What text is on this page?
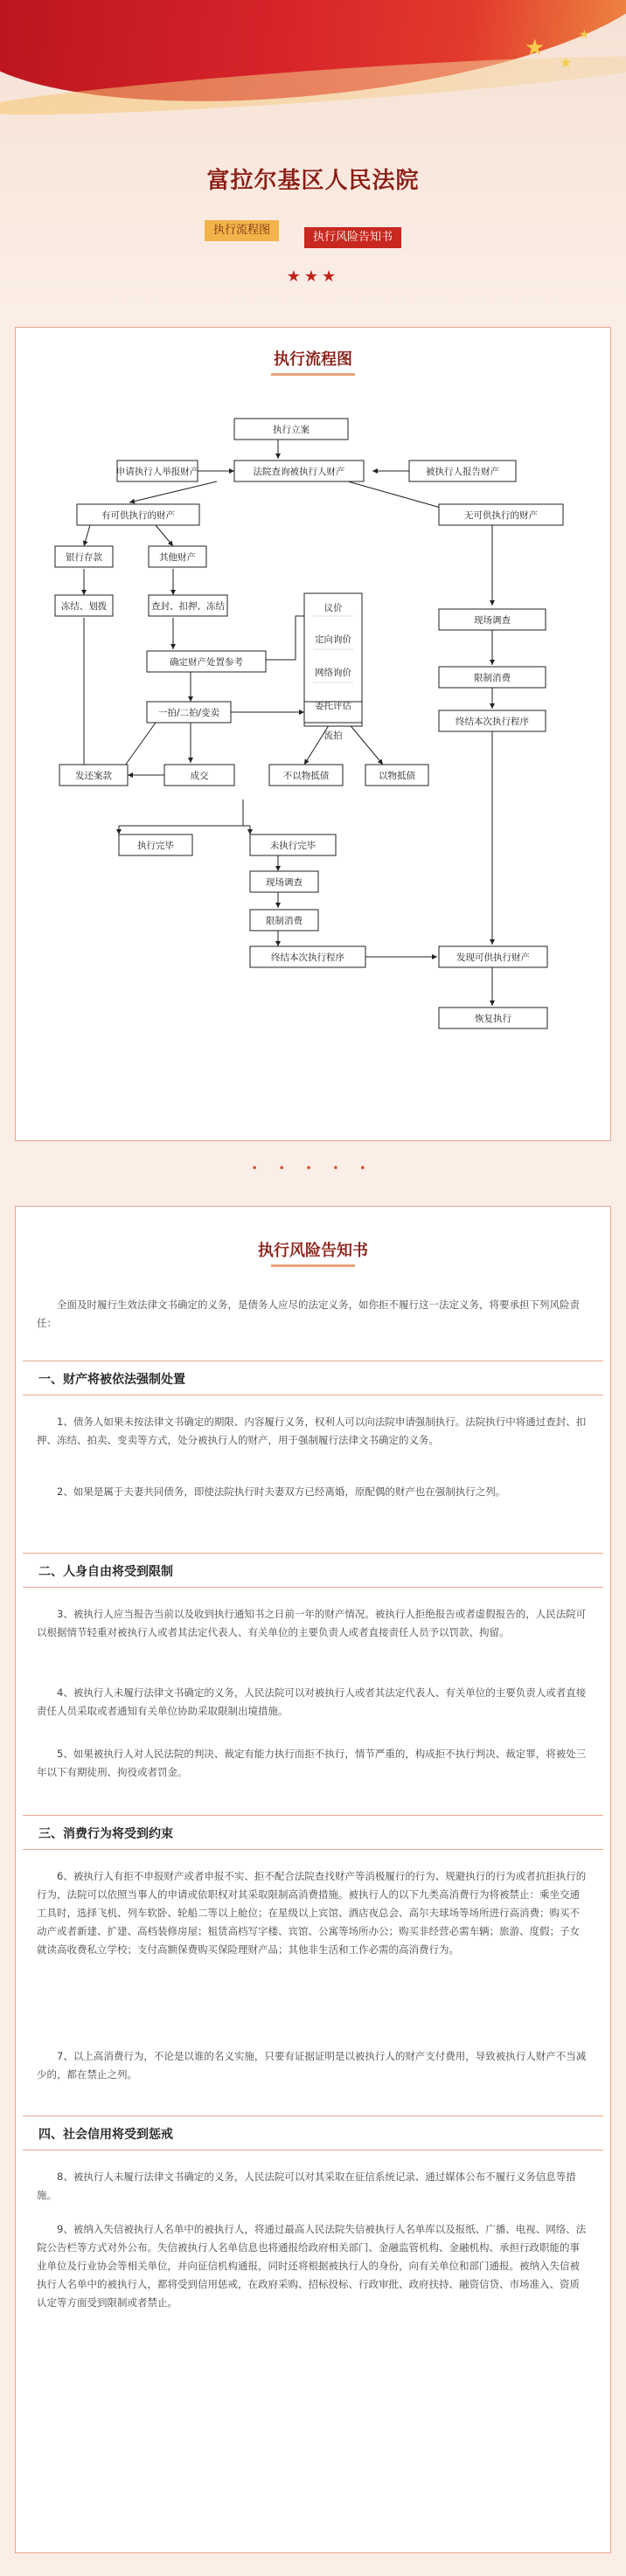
★
★
★
富拉尔基区人民法院
执行流程图
执行风险告知书
★★★
执行流程图
执行立案
申请执行人举报财产	法院查询被执行人财产	被执行人报告财产
有可供执行的财产	无可供执行的财产
银行存款	其他财产
冻结、划拨	查封、扣押、冻结	议价
定向询价
网络询价
委托评估
确定财产处置参考
一拍/二拍/变卖
流拍
发还案款	成交	不以物抵债	以物抵债
现场调查
限制消费
终结本次执行程序
执行完毕	未执行完毕
现场调查
限制消费
终结本次执行程序	发现可供执行财产
恢复执行
• • • • •
执行风险告知书
全面及时履行生效法律文书确定的义务，是债务人应尽的法定义务，如你拒不履行这一法定义务，将要承担下列风险责任：
一、财产将被依法强制处置
1、债务人如果未按法律文书确定的期限、内容履行义务，权利人可以向法院申请强制执行。法院执行中将通过查封、扣押、冻结、拍卖、变卖等方式，处分被执行人的财产，用于强制履行法律文书确定的义务。
2、如果是属于夫妻共同债务，即使法院执行时夫妻双方已经离婚，原配偶的财产也在强制执行之列。
二、人身自由将受到限制
3、被执行人应当报告当前以及收到执行通知书之日前一年的财产情况。被执行人拒绝报告或者虚假报告的，人民法院可以根据情节轻重对被执行人或者其法定代表人、有关单位的主要负责人或者直接责任人员予以罚款、拘留。
4、被执行人未履行法律文书确定的义务，人民法院可以对被执行人或者其法定代表人、有关单位的主要负责人或者直接责任人员采取或者通知有关单位协助采取限制出境措施。
5、如果被执行人对人民法院的判决、裁定有能力执行而拒不执行，情节严重的，构成拒不执行判决、裁定罪，将被处三年以下有期徒刑、拘役或者罚金。
三、消费行为将受到约束
6、被执行人有拒不申报财产或者申报不实、拒不配合法院查找财产等消极履行的行为、规避执行的行为或者抗拒执行的行为，法院可以依照当事人的申请或依职权对其采取限制高消费措施。被执行人的以下九类高消费行为将被禁止：乘坐交通工具时，选择飞机、列车软卧、轮船二等以上舱位；在星级以上宾馆、酒店夜总会、高尔夫球场等场所进行高消费；购买不动产或者新建、扩建、高档装修房屋；租赁高档写字楼、宾馆、公寓等场所办公；购买非经营必需车辆；旅游、度假；子女就读高收费私立学校；支付高额保费购买保险理财产品；其他非生活和工作必需的高消费行为。
7、以上高消费行为，不论是以谁的名义实施，只要有证据证明是以被执行人的财产支付费用，导致被执行人财产不当减少的，都在禁止之列。
四、社会信用将受到惩戒
8、被执行人未履行法律文书确定的义务，人民法院可以对其采取在征信系统记录、通过媒体公布不履行义务信息等措施。
9、被纳入失信被执行人名单中的被执行人，将通过最高人民法院失信被执行人名单库以及报纸、广播、电视、网络、法院公告栏等方式对外公布。失信被执行人名单信息也将通报给政府相关部门、金融监管机构、金融机构、承担行政职能的事业单位及行业协会等相关单位，并向征信机构通报，同时还将根据被执行人的身份，向有关单位和部门通报。被纳入失信被执行人名单中的被执行人，都将受到信用惩戒，在政府采购、招标投标、行政审批、政府扶持、融资信贷、市场准入、资质认定等方面受到限制或者禁止。
